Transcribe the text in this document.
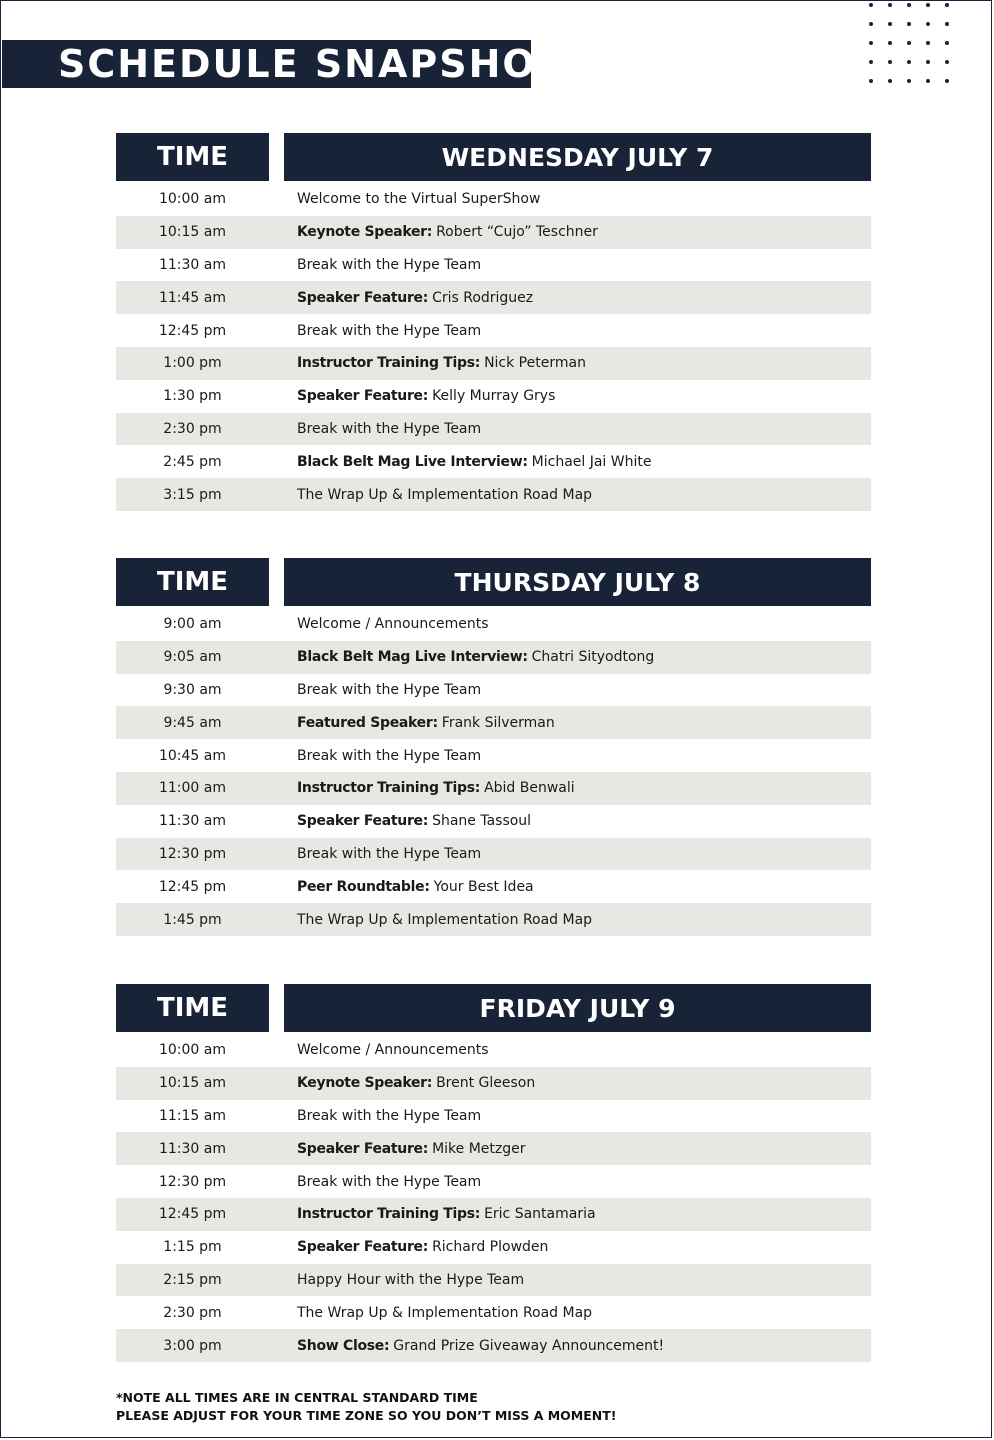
SCHEDULE SNAPSHOT
TIME	WEDNESDAY JULY 7
10:00 am	Welcome to the Virtual SuperShow
10:15 am	Keynote Speaker: Robert “Cujo” Teschner
11:30 am	Break with the Hype Team
11:45 am	Speaker Feature: Cris Rodriguez
12:45 pm	Break with the Hype Team
1:00 pm	Instructor Training Tips: Nick Peterman
1:30 pm	Speaker Feature: Kelly Murray Grys
2:30 pm	Break with the Hype Team
2:45 pm	Black Belt Mag Live Interview: Michael Jai White
3:15 pm	The Wrap Up & Implementation Road Map
TIME	THURSDAY JULY 8
9:00 am	Welcome / Announcements
9:05 am	Black Belt Mag Live Interview: Chatri Sityodtong
9:30 am	Break with the Hype Team
9:45 am	Featured Speaker: Frank Silverman
10:45 am	Break with the Hype Team
11:00 am	Instructor Training Tips: Abid Benwali
11:30 am	Speaker Feature: Shane Tassoul
12:30 pm	Break with the Hype Team
12:45 pm	Peer Roundtable: Your Best Idea
1:45 pm	The Wrap Up & Implementation Road Map
TIME	FRIDAY JULY 9
10:00 am	Welcome / Announcements
10:15 am	Keynote Speaker: Brent Gleeson
11:15 am	Break with the Hype Team
11:30 am	Speaker Feature: Mike Metzger
12:30 pm	Break with the Hype Team
12:45 pm	Instructor Training Tips: Eric Santamaria
1:15 pm	Speaker Feature: Richard Plowden
2:15 pm	Happy Hour with the Hype Team
2:30 pm	The Wrap Up & Implementation Road Map
3:00 pm	Show Close: Grand Prize Giveaway Announcement!
*NOTE ALL TIMES ARE IN CENTRAL STANDARD TIME
PLEASE ADJUST FOR YOUR TIME ZONE SO YOU DON’T MISS A MOMENT!
